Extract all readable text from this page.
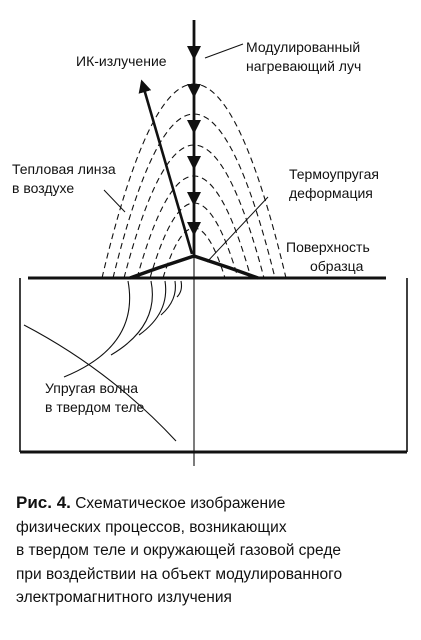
ИК-излучение
Модулированный
нагревающий луч
Тепловая линза
в воздухе
Термоупругая
деформация
Поверхность
образца
Упругая волна
в твердом теле
Рис. 4. Схематическое изображение
физических процессов, возникающих
в твердом теле и окружающей газовой среде
при воздействии на объект модулированного
электромагнитного излучения
